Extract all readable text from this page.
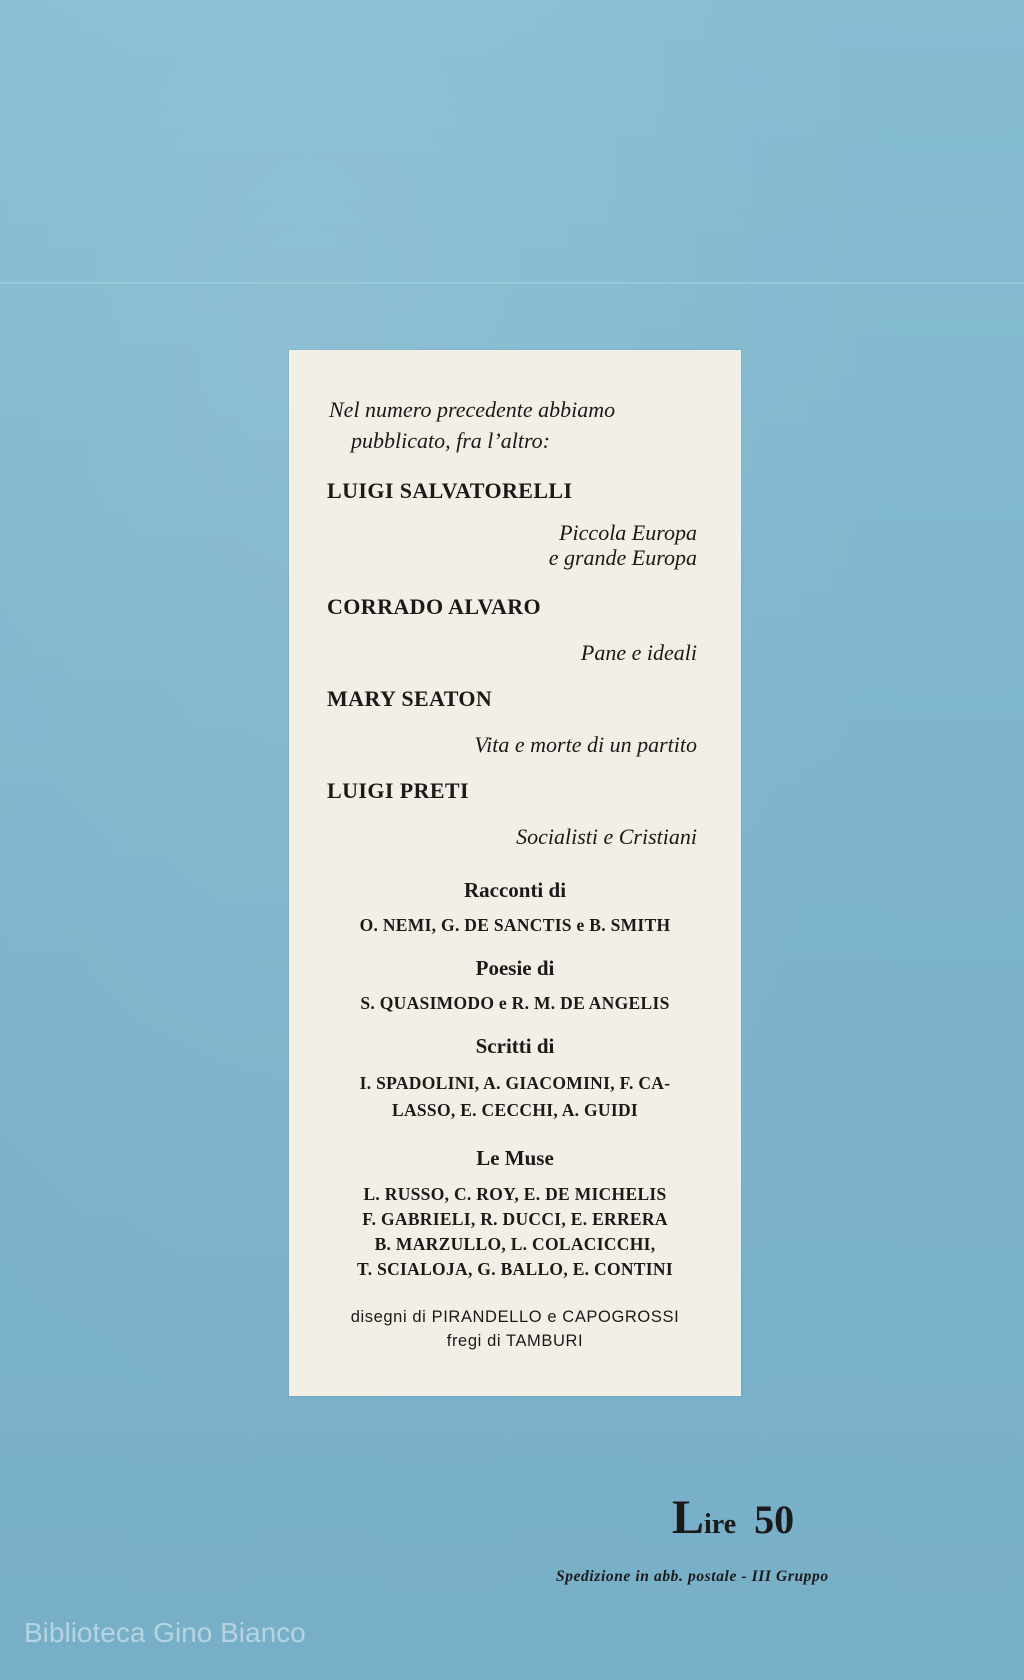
Nel numero precedente abbiamo
pubblicato, fra l’altro:
LUIGI SALVATORELLI
Piccola Europa
e grande Europa
CORRADO ALVARO
Pane e ideali
MARY SEATON
Vita e morte di un partito
LUIGI PRETI
Socialisti e Cristiani
Racconti di
O. NEMI, G. DE SANCTIS e B. SMITH
Poesie di
S. QUASIMODO e R. M. DE ANGELIS
Scritti di
I. SPADOLINI, A. GIACOMINI, F. CA-
LASSO, E. CECCHI, A. GUIDI
Le Muse
L. RUSSO, C. ROY, E. DE MICHELIS
F. GABRIELI, R. DUCCI, E. ERRERA
B. MARZULLO, L. COLACICCHI,
T. SCIALOJA, G. BALLO, E. CONTINI
disegni di PIRANDELLO e CAPOGROSSI
fregi di TAMBURI
Lire 50
Spedizione in abb. postale - III Gruppo
Biblioteca Gino Bianco
